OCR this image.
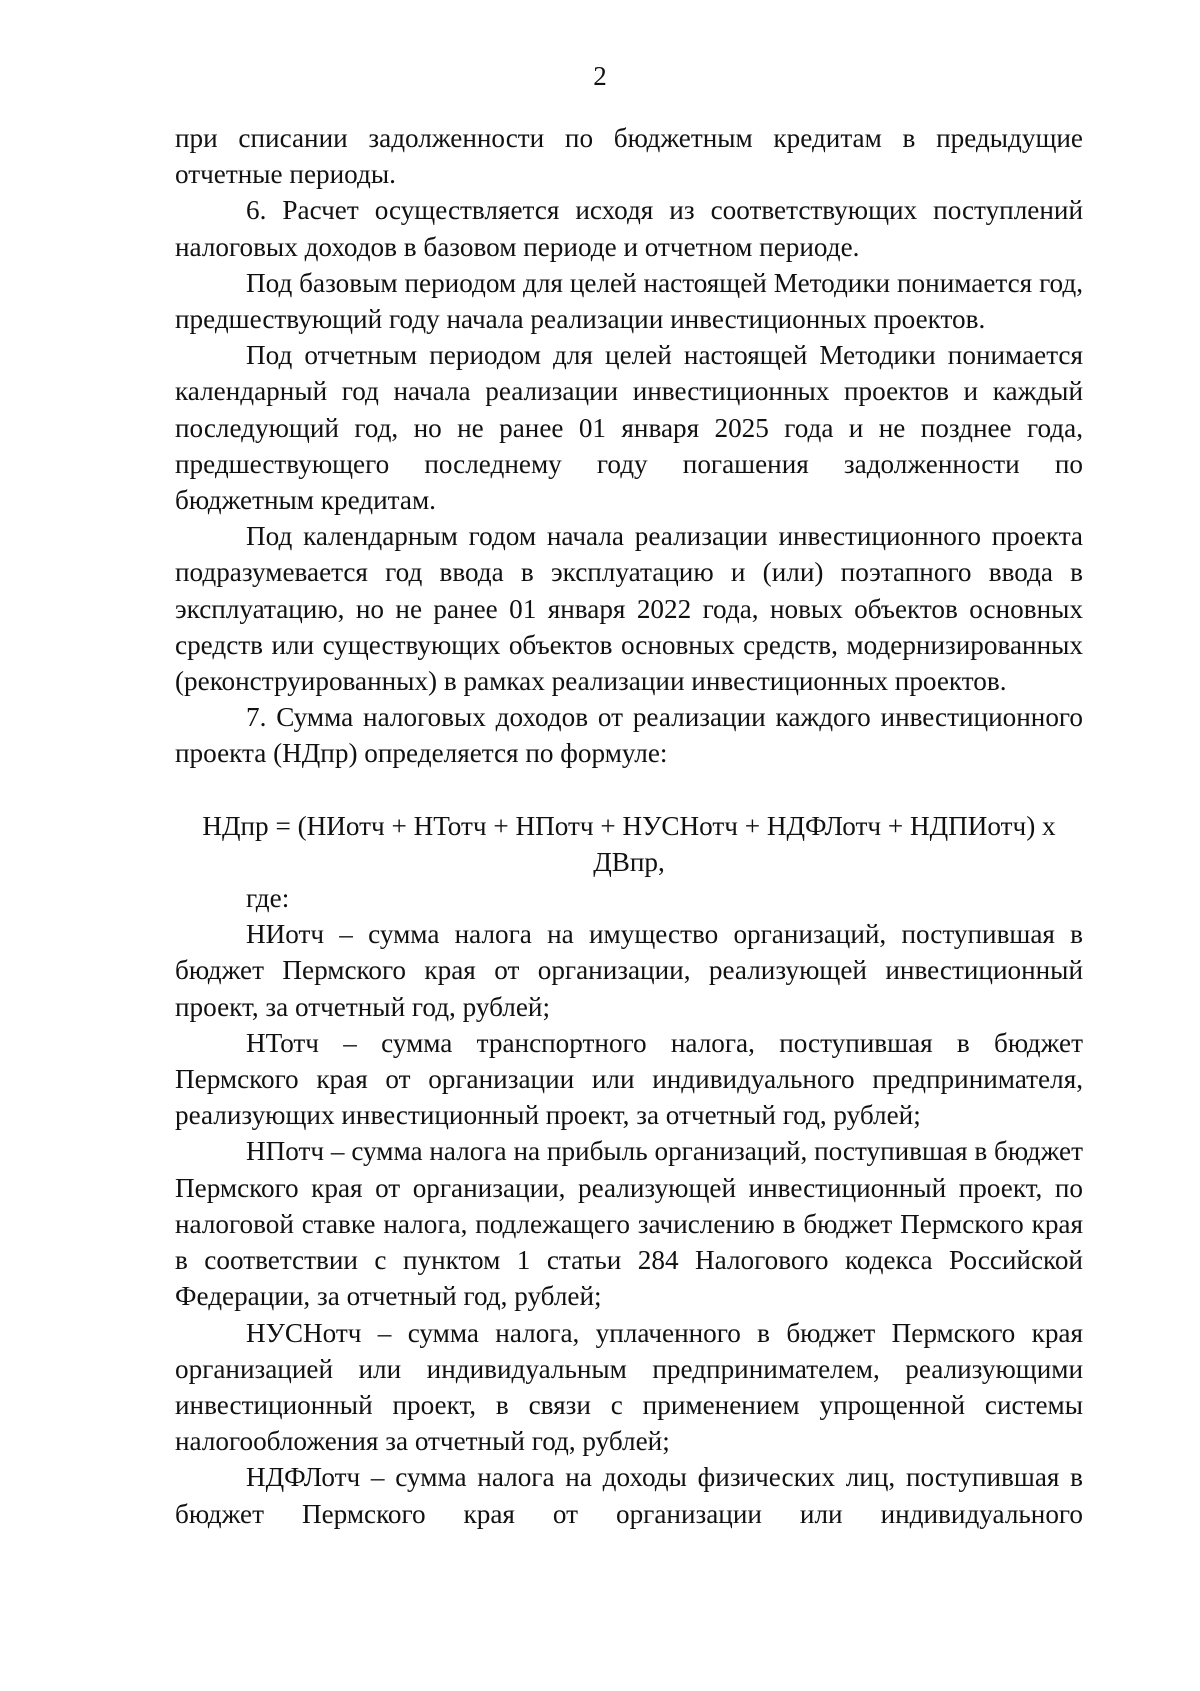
2

при списании задолженности по бюджетным кредитам в предыдущие отчетные периоды.

6. Расчет осуществляется исходя из соответствующих поступлений налоговых доходов в базовом периоде и отчетном периоде.

Под базовым периодом для целей настоящей Методики понимается год, предшествующий году начала реализации инвестиционных проектов.

Под отчетным периодом для целей настоящей Методики понимается календарный год начала реализации инвестиционных проектов и каждый последующий год, но не ранее 01 января 2025 года и не позднее года, предшествующего последнему году погашения задолженности по бюджетным кредитам.

Под календарным годом начала реализации инвестиционного проекта подразумевается год ввода в эксплуатацию и (или) поэтапного ввода в эксплуатацию, но не ранее 01 января 2022 года, новых объектов основных средств или существующих объектов основных средств, модернизированных (реконструированных) в рамках реализации инвестиционных проектов.

7. Сумма налоговых доходов от реализации каждого инвестиционного проекта (НДпр) определяется по формуле:

НДпр = (НИотч + НТотч + НПотч + НУСНотч + НДФЛотч + НДПИотч) х ДВпр,

где:

НИотч – сумма налога на имущество организаций, поступившая в бюджет Пермского края от организации, реализующей инвестиционный проект, за отчетный год, рублей;

НТотч – сумма транспортного налога, поступившая в бюджет Пермского края от организации или индивидуального предпринимателя, реализующих инвестиционный проект, за отчетный год, рублей;

НПотч – сумма налога на прибыль организаций, поступившая в бюджет Пермского края от организации, реализующей инвестиционный проект, по налоговой ставке налога, подлежащего зачислению в бюджет Пермского края в соответствии с пунктом 1 статьи 284 Налогового кодекса Российской Федерации, за отчетный год, рублей;

НУСНотч – сумма налога, уплаченного в бюджет Пермского края организацией или индивидуальным предпринимателем, реализующими инвестиционный проект, в связи с применением упрощенной системы налогообложения за отчетный год, рублей;

НДФЛотч – сумма налога на доходы физических лиц, поступившая в бюджет Пермского края от организации или индивидуального
